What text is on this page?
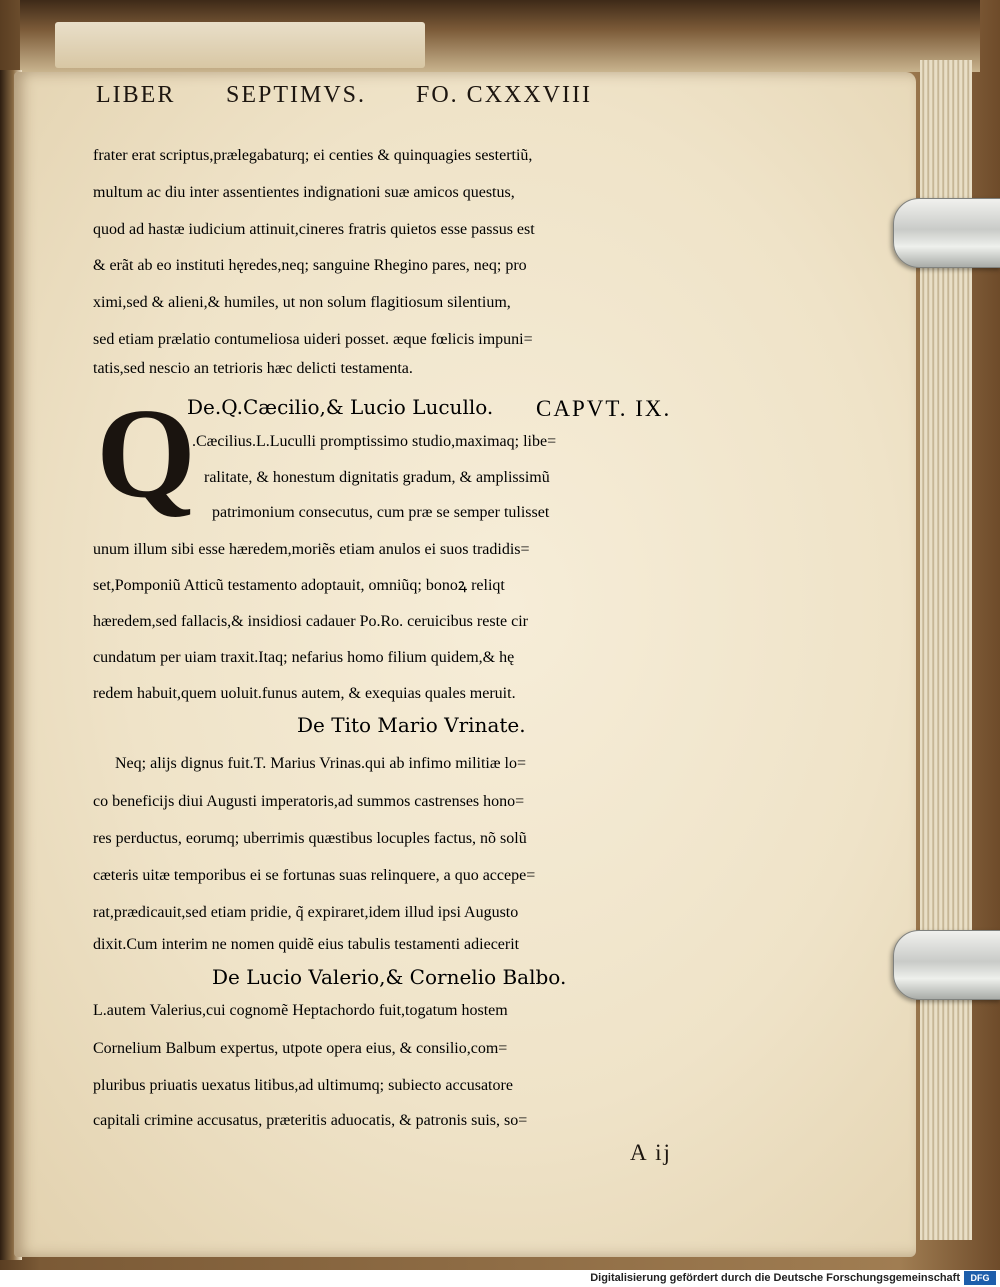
LIBER SEPTIMVS. FO. CXXXVIII
frater erat scriptus,prælegabaturq; ei centies & quinquagies sestertiũ,
multum ac diu inter assentientes indignationi suæ amicos questus,
quod ad hastæ iudicium attinuit,cineres fratris quietos esse passus est
& erãt ab eo instituti hęredes,neq; sanguine Rhegino pares, neq; pro
ximi,sed & alieni,& humiles, ut non solum flagitiosum silentium,
sed etiam prælatio contumeliosa uideri posset. æque fœlicis impuni=
tatis,sed nescio an tetrioris hæc delicti testamenta.
De.Q.Cæcilio,& Lucio Lucullo. CAPVT. IX.
Q
.Cæcilius.L.Luculli promptissimo studio,maximaq; libe=
ralitate, & honestum dignitatis gradum, & amplissimũ
patrimonium consecutus, cum præ se semper tulisset
unum illum sibi esse hæredem,moriẽs etiam anulos ei suos tradidis=
set,Pomponiũ Atticũ testamento adoptauit, omniũq; bonoꝝ reliqt
hæredem,sed fallacis,& insidiosi cadauer Po.Ro. ceruicibus reste cir
cundatum per uiam traxit.Itaq; nefarius homo filium quidem,& hę
redem habuit,quem uoluit.funus autem, & exequias quales meruit.
De Tito Mario Vrinate.
Neq; alijs dignus fuit.T. Marius Vrinas.qui ab infimo militiæ lo=
co beneficijs diui Augusti imperatoris,ad summos castrenses hono=
res perductus, eorumq; uberrimis quæstibus locuples factus, nõ solũ
cæteris uitæ temporibus ei se fortunas suas relinquere, a quo accepe=
rat,prædicauit,sed etiam pridie, q̃ expiraret,idem illud ipsi Augusto
dixit.Cum interim ne nomen quidẽ eius tabulis testamenti adiecerit
De Lucio Valerio,& Cornelio Balbo.
L.autem Valerius,cui cognomẽ Heptachordo fuit,togatum hostem
Cornelium Balbum expertus, utpote opera eius, & consilio,com=
pluribus priuatis uexatus litibus,ad ultimumq; subiecto accusatore
capitali crimine accusatus, præteritis aduocatis, & patronis suis, so=
A ij
Digitalisierung gefördert durch die Deutsche Forschungsgemeinschaft	DFG
